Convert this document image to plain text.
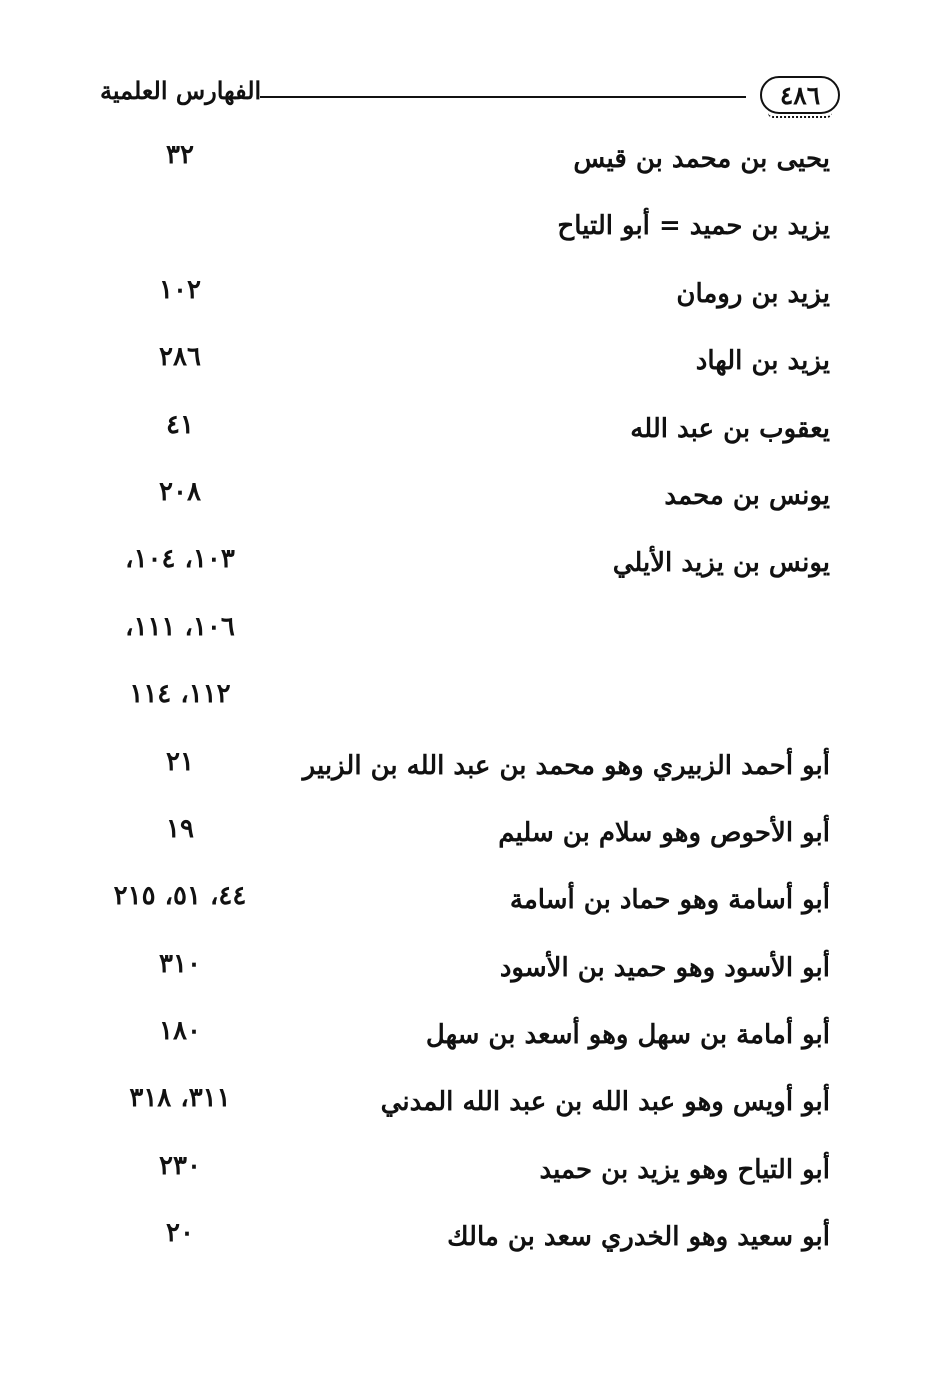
٤٨٦
الفهارس العلمية
يحيى بن محمد بن قيس
٣٢
يزيد بن حميد = أبو التياح
يزيد بن رومان
١٠٢
يزيد بن الهاد
٢٨٦
يعقوب بن عبد الله
٤١
يونس بن محمد
٢٠٨
يونس بن يزيد الأيلي
١٠٣، ١٠٤،
١٠٦، ١١١،
١١٢، ١١٤
أبو أحمد الزبيري وهو محمد بن عبد الله بن الزبير
٢١
أبو الأحوص وهو سلام بن سليم
١٩
أبو أسامة وهو حماد بن أسامة
٤٤، ٥١، ٢١٥
أبو الأسود وهو حميد بن الأسود
٣١٠
أبو أمامة بن سهل وهو أسعد بن سهل
١٨٠
أبو أويس وهو عبد الله بن عبد الله المدني
٣١١، ٣١٨
أبو التياح وهو يزيد بن حميد
٢٣٠
أبو سعيد وهو الخدري سعد بن مالك
٢٠
